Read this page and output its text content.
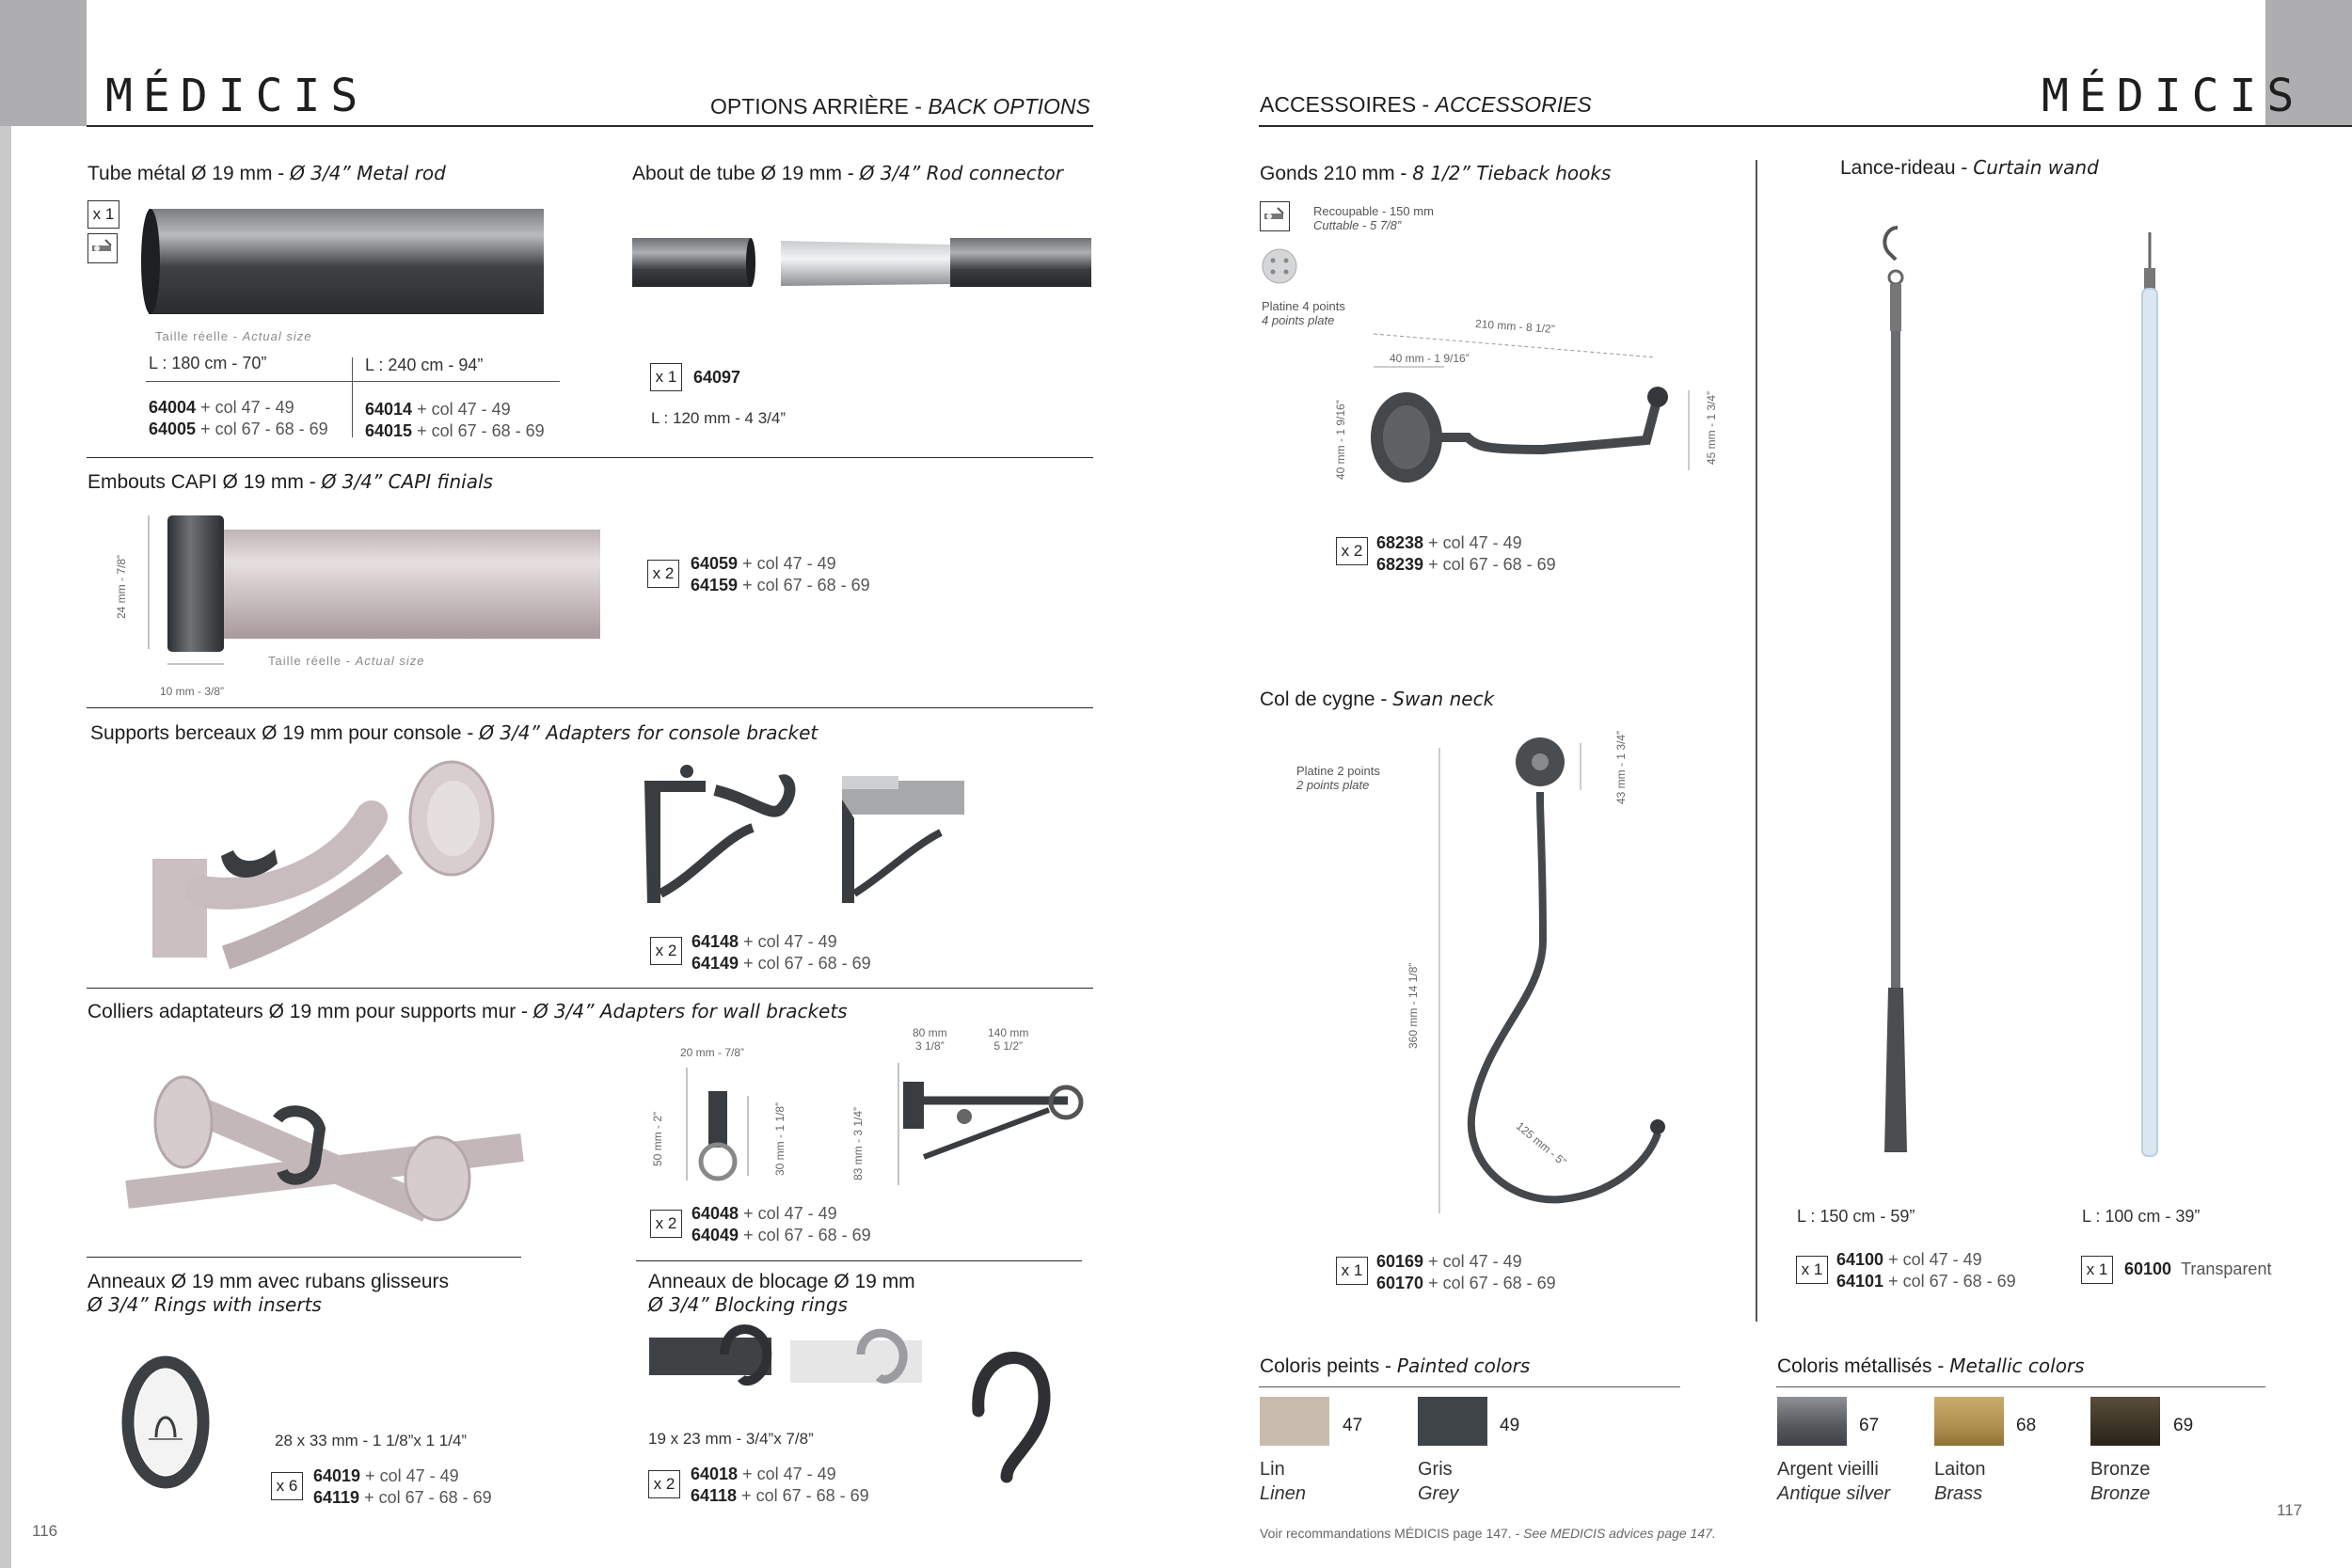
MÉDICIS	OPTIONS ARRIÈRE - BACK OPTIONS
Tube métal Ø 19 mm - Ø 3/4” Metal rod
x 1
Taille réelle - Actual size
L : 180 cm - 70”	L : 240 cm - 94”
64004 + col 47 - 49
64005 + col 67 - 68 - 69
64014 + col 47 - 49
64015 + col 67 - 68 - 69
About de tube Ø 19 mm - Ø 3/4” Rod connector
x 1 64097
L : 120 mm - 4 3/4”
Embouts CAPI Ø 19 mm - Ø 3/4” CAPI finials
24 mm - 7/8”
10 mm - 3/8”
Taille réelle - Actual size
x 2
64059 + col 47 - 49
64159 + col 67 - 68 - 69
Supports berceaux Ø 19 mm pour console - Ø 3/4” Adapters for console bracket
x 2 64148 + col 47 - 49
64149 + col 67 - 68 - 69
Colliers adaptateurs Ø 19 mm pour supports mur - Ø 3/4” Adapters for wall brackets
20 mm - 7/8”
50 mm - 2”	30 mm - 1 1/8”
80 mm
3 1/8”
140 mm
5 1/2”
83 mm - 3 1/4”
x 2
64048 + col 47 - 49
64049 + col 67 - 68 - 69
Anneaux Ø 19 mm avec rubans glisseurs
Ø 3/4” Rings with inserts
28 x 33 mm - 1 1/8”x 1 1/4”
x 6
64019 + col 47 - 49
64119 + col 67 - 68 - 69
Anneaux de blocage Ø 19 mm
Ø 3/4” Blocking rings
19 x 23 mm - 3/4”x 7/8”
x 2
64018 + col 47 - 49
64118 + col 67 - 68 - 69
116
MÉDICIS
ACCESSOIRES - ACCESSORIES
Gonds 210 mm - 8 1/2” Tieback hooks
Recoupable - 150 mm
Cuttable - 5 7/8”
Platine 4 points
4 points plate	210 mm - 8 1/2”
40 mm - 1 9/16”
40 mm - 1 9/16”	45 mm - 1 3/4”
x 2 68238 + col 47 - 49
68239 + col 67 - 68 - 69
Col de cygne - Swan neck
Platine 2 points
2 points plate	43 mm - 1 3/4”
360 mm - 14 1/8”
125 mm - 5”
x 1 60169 + col 47 - 49
60170 + col 67 - 68 - 69
Lance-rideau - Curtain wand
L : 150 cm - 59”	L : 100 cm - 39”
x 1
64100 + col 47 - 49
64101 + col 67 - 68 - 69
x 1 60100 Transparent
Coloris peints - Painted colors
47
Lin
Linen
49
Gris
Grey
Coloris métallisés - Metallic colors
67
Argent vieilli
Antique silver
68
Laiton
Brass
69
Bronze
Bronze
Voir recommandations MÉDICIS page 147. - See MEDICIS advices page 147.
117
